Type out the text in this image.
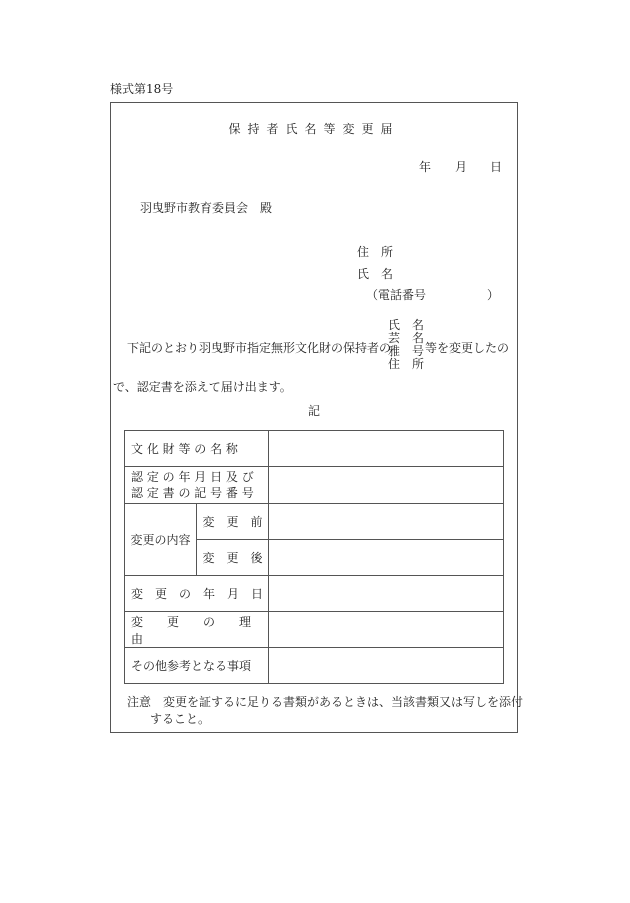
様式第18号
保持者氏名等変更届
年 月 日
羽曳野市教育委員会　殿
住　所
氏　名
（電話番号	）
下記のとおり羽曳野市指定無形文化財の保持者の
氏　名
芸　名
雅　号
住　所
等を変更したの
で、認定書を添えて届け出ます。
記
文 化 財 等 の 名 称		

認 定 の 年 月 日 及 び
認 定 書 の 記 号 番 号		

変更の内容	変　更　前	
	変　更　後	
変　更　の　年　月　日		
変　　更　　の　　理　　由		
その他参考となる事項		
注意　変更を証するに足りる書類があるときは、当該書類又は写しを添付
すること。
